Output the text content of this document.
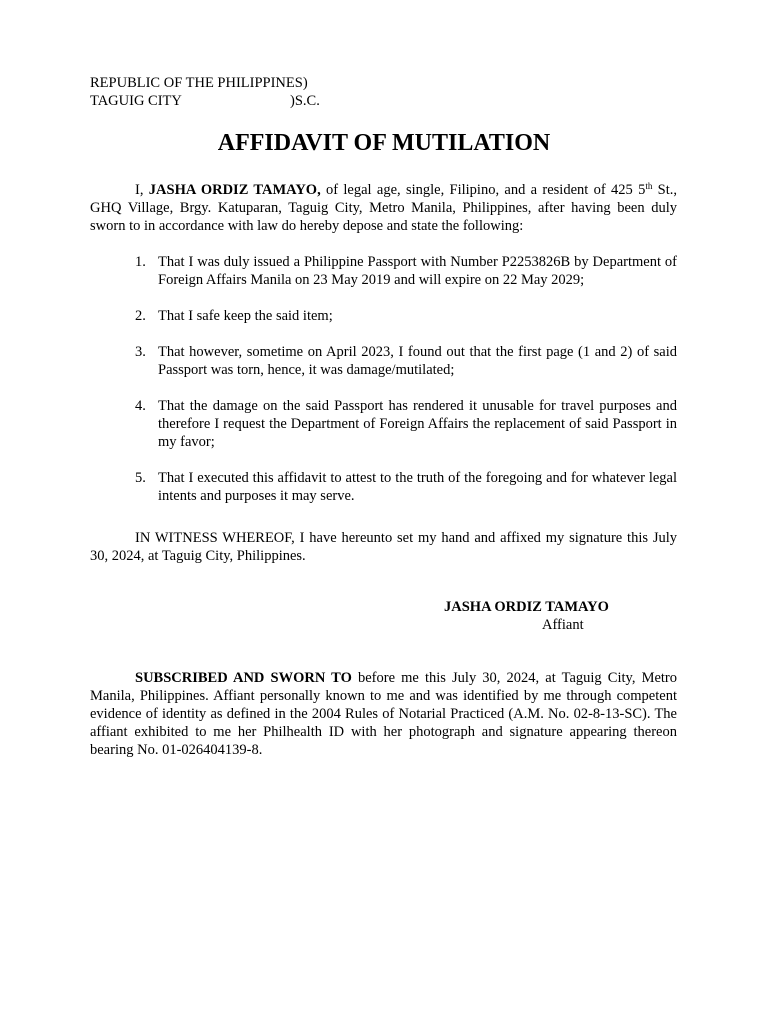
REPUBLIC OF THE PHILIPPINES)
TAGUIG CITY	)S.C.
AFFIDAVIT OF MUTILATION
I, JASHA ORDIZ TAMAYO, of legal age, single, Filipino, and a resident of 425 5th St., GHQ Village, Brgy. Katuparan, Taguig City, Metro Manila, Philippines, after having been duly sworn to in accordance with law do hereby depose and state the following:
1. That I was duly issued a Philippine Passport with Number P2253826B by Department of Foreign Affairs Manila on 23 May 2019 and will expire on 22 May 2029;
2. That I safe keep the said item;
3. That however, sometime on April 2023, I found out that the first page (1 and 2) of said Passport was torn, hence, it was damage/mutilated;
4. That the damage on the said Passport has rendered it unusable for travel purposes and therefore I request the Department of Foreign Affairs the replacement of said Passport in my favor;
5. That I executed this affidavit to attest to the truth of the foregoing and for whatever legal intents and purposes it may serve.
IN WITNESS WHEREOF, I have hereunto set my hand and affixed my signature this July 30, 2024, at Taguig City, Philippines.
JASHA ORDIZ TAMAYO
Affiant
SUBSCRIBED AND SWORN TO before me this July 30, 2024, at Taguig City, Metro Manila, Philippines. Affiant personally known to me and was identified by me through competent evidence of identity as defined in the 2004 Rules of Notarial Practiced (A.M. No. 02-8-13-SC). The affiant exhibited to me her Philhealth ID with her photograph and signature appearing thereon bearing No. 01-026404139-8.
